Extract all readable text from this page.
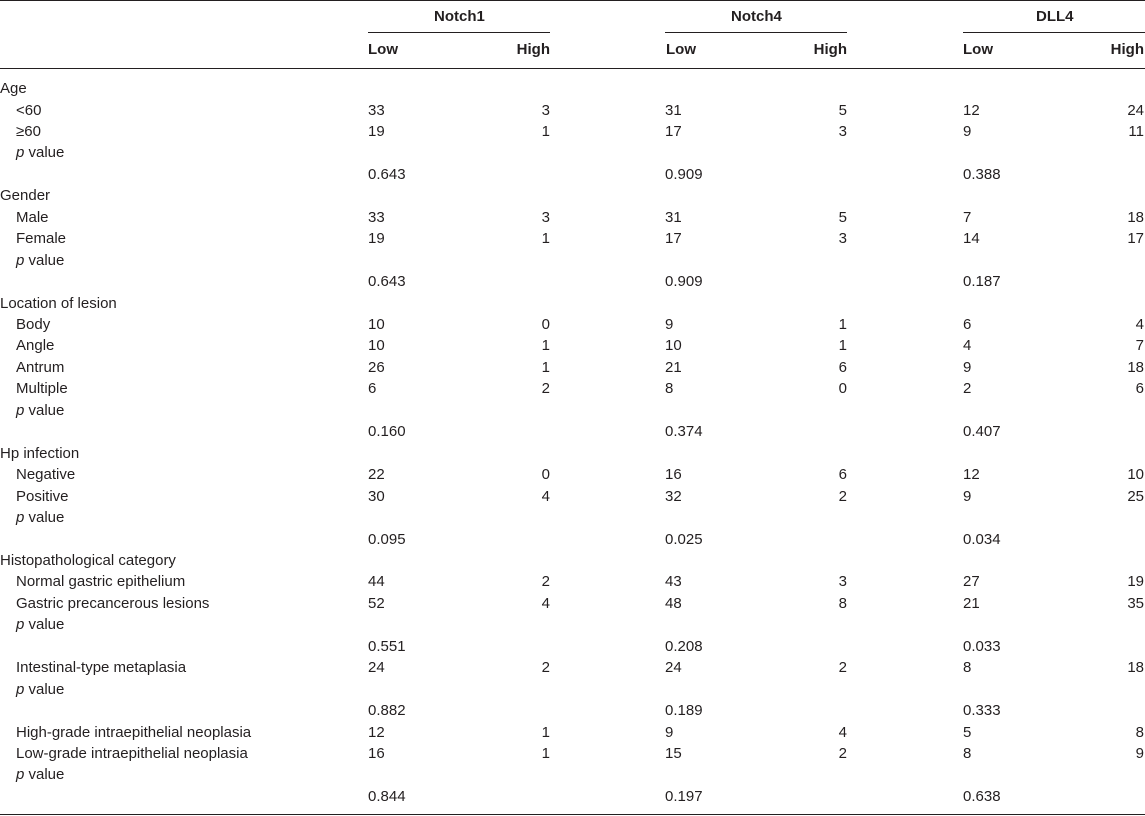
Notch1	Notch4	DLL4
Low	High	Low	High	Low	High
Age
<60	33	3	31	5	12	24
≥60	19	1	17	3	9	11
p value
0.643	0.909	0.388
Gender
Male	33	3	31	5	7	18
Female	19	1	17	3	14	17
p value
0.643	0.909	0.187
Location of lesion
Body	10	0	9	1	6	4
Angle	10	1	10	1	4	7
Antrum	26	1	21	6	9	18
Multiple	6	2	8	0	2	6
p value
0.160	0.374	0.407
Hp infection
Negative	22	0	16	6	12	10
Positive	30	4	32	2	9	25
p value
0.095	0.025	0.034
Histopathological category
Normal gastric epithelium	44	2	43	3	27	19
Gastric precancerous lesions	52	4	48	8	21	35
p value
0.551	0.208	0.033
Intestinal-type metaplasia	24	2	24	2	8	18
p value
0.882	0.189	0.333
High-grade intraepithelial neoplasia	12	1	9	4	5	8
Low-grade intraepithelial neoplasia	16	1	15	2	8	9
p value
0.844	0.197	0.638
